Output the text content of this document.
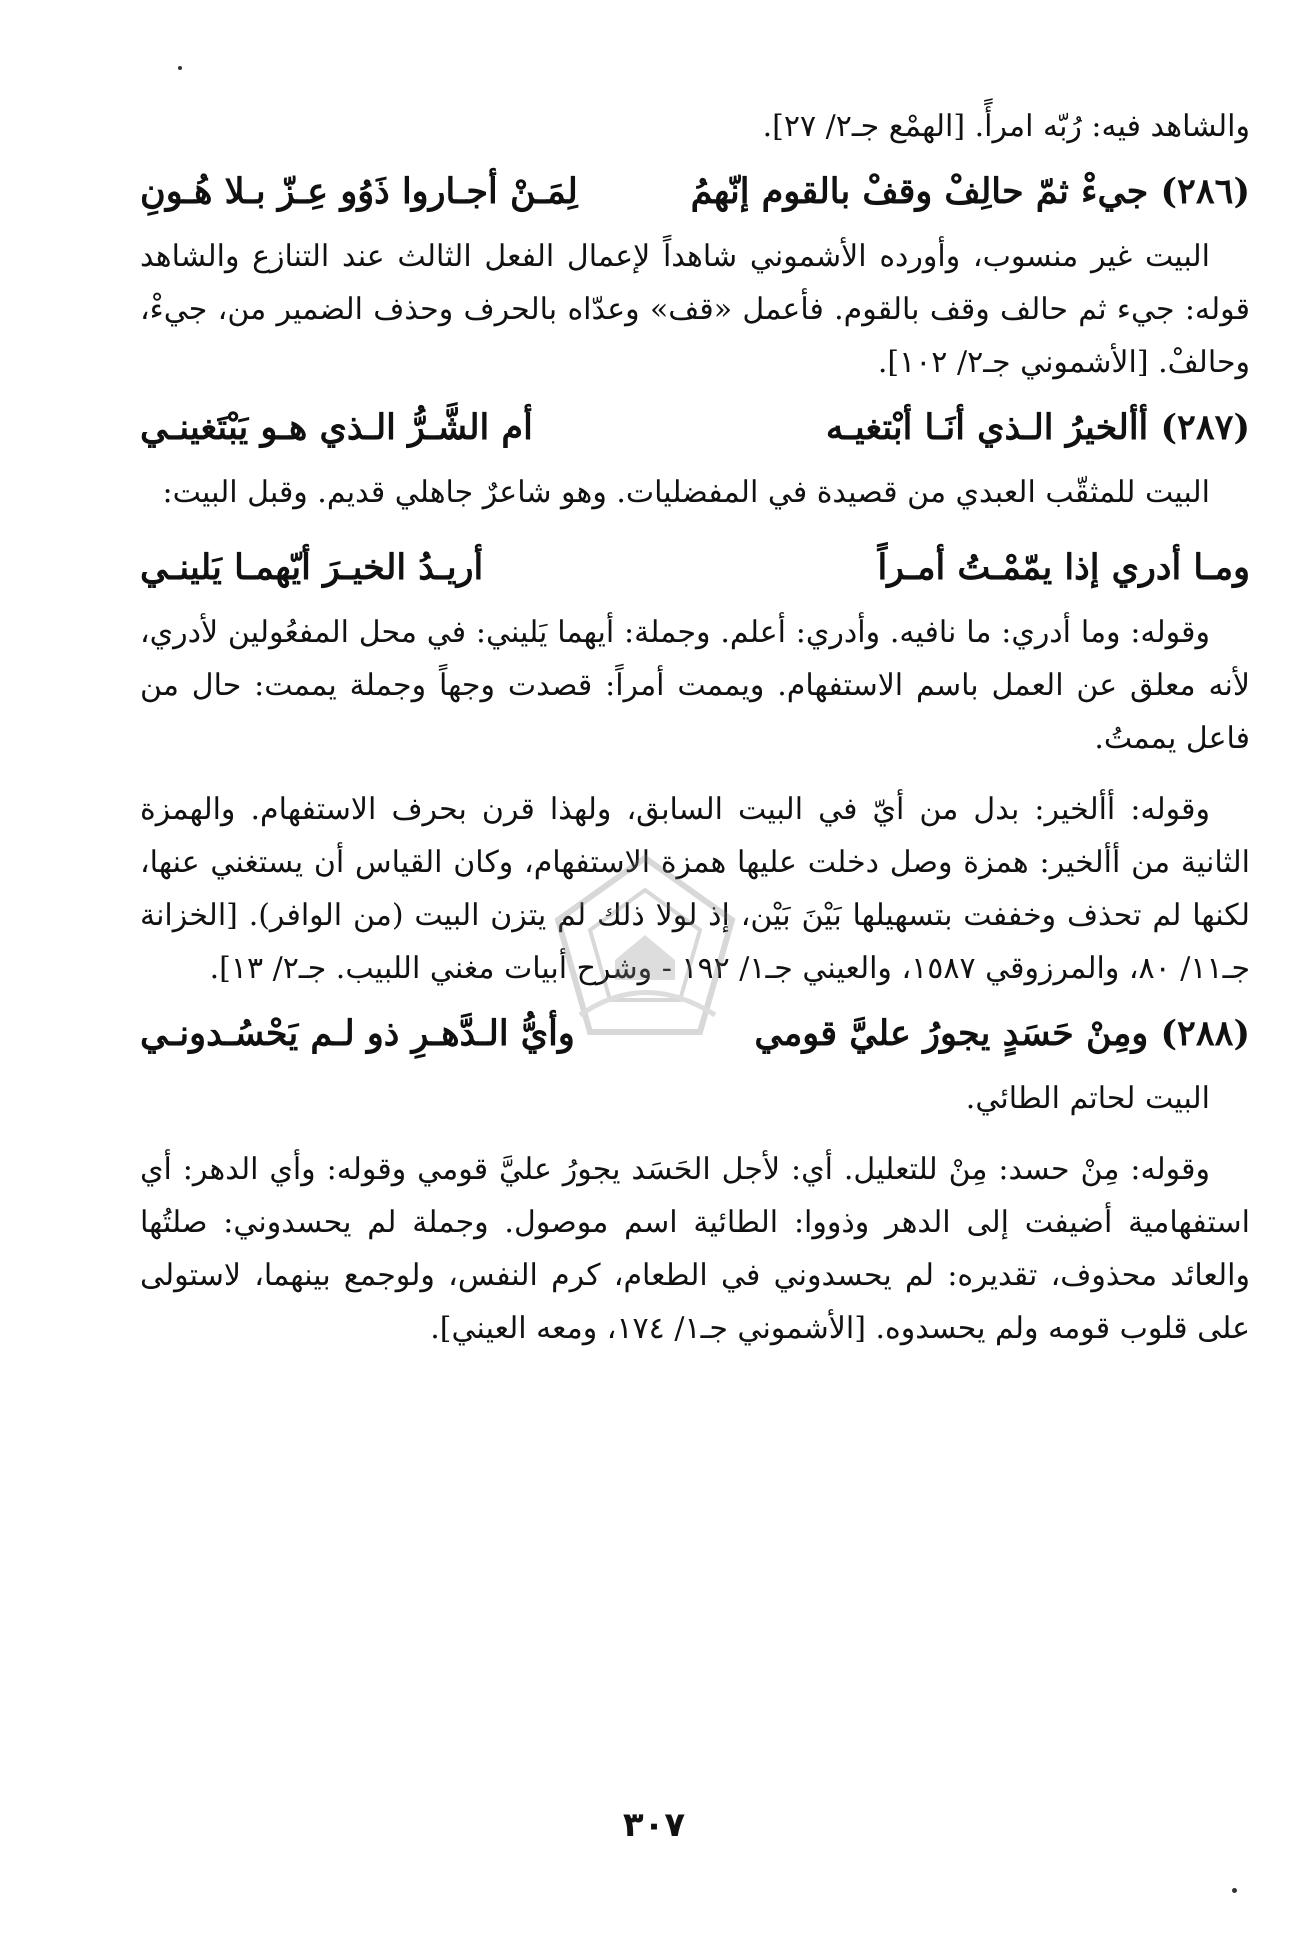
والشاهد فيه: رُبّه امرأً. [الهمْع جـ٢/ ٢٧].

(٢٨٦) جيءْ ثمّ حالِفْ وقفْ بالقوم إنّهمُ
لِمَـنْ أجـاروا ذَوُو عِـزّ بـلا هُـونِ

البيت غير منسوب، وأورده الأشموني شاهداً لإعمال الفعل الثالث عند التنازع والشاهد قوله: جيء ثم حالف وقف بالقوم. فأعمل «قف» وعدّاه بالحرف وحذف الضمير من، جيءْ، وحالفْ. [الأشموني جـ٢/ ١٠٢].

(٢٨٧) أألخيرُ الـذي أنَـا أبْتغيـه
أم الشَّـرُّ الـذي هـو يَبْتَغينـي

البيت للمثقّب العبدي من قصيدة في المفضليات. وهو شاعرٌ جاهلي قديم. وقبل البيت:

ومـا أدري إذا يمّمْـتُ أمـراً
أريـدُ الخيـرَ أيّهمـا يَلينـي

وقوله: وما أدري: ما نافيه. وأدري: أعلم. وجملة: أيهما يَليني: في محل المفعُولين لأدري، لأنه معلق عن العمل باسم الاستفهام. ويممت أمراً: قصدت وجهاً وجملة يممت: حال من فاعل يممتُ.

وقوله: أألخير: بدل من أيّ في البيت السابق، ولهذا قرن بحرف الاستفهام. والهمزة الثانية من أألخير: همزة وصل دخلت عليها همزة الاستفهام، وكان القياس أن يستغني عنها، لكنها لم تحذف وخففت بتسهيلها بَيْنَ بَيْن، إذ لولا ذلك لم يتزن البيت (من الوافر). [الخزانة جـ١١/ ٨٠، والمرزوقي ١٥٨٧، والعيني جـ١/ ١٩٢ - وشرح أبيات مغني اللبيب. جـ٢/ ١٣].

(٢٨٨) ومِنْ حَسَدٍ يجورُ عليَّ قومي
وأيُّ الـدَّهـرِ ذو لـم يَحْسُـدونـي

البيت لحاتم الطائي.

وقوله: مِنْ حسد: مِنْ للتعليل. أي: لأجل الحَسَد يجورُ عليَّ قومي وقوله: وأي الدهر: أي استفهامية أضيفت إلى الدهر وذووا: الطائية اسم موصول. وجملة لم يحسدوني: صلتُها والعائد محذوف، تقديره: لم يحسدوني في الطعام، كرم النفس، ولوجمع بينهما، لاستولى على قلوب قومه ولم يحسدوه. [الأشموني جـ١/ ١٧٤، ومعه العيني].

٣٠٧
